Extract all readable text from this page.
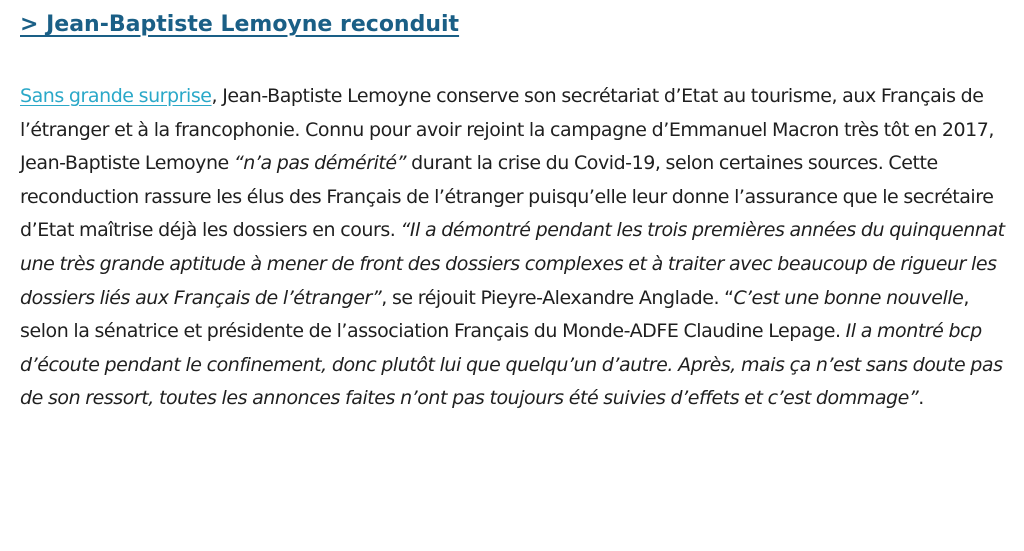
> Jean-Baptiste Lemoyne reconduit

Sans grande surprise, Jean-Baptiste Lemoyne conserve son secrétariat d’Etat au tourisme, aux Français de l’étranger et à la francophonie. Connu pour avoir rejoint la campagne d’Emmanuel Macron très tôt en 2017, Jean-Baptiste Lemoyne “n’a pas démérité” durant la crise du Covid-19, selon certaines sources. Cette reconduction rassure les élus des Français de l’étranger puisqu’elle leur donne l’assurance que le secrétaire d’Etat maîtrise déjà les dossiers en cours. “Il a démontré pendant les trois premières années du quinquennat une très grande aptitude à mener de front des dossiers complexes et à traiter avec beaucoup de rigueur les dossiers liés aux Français de l’étranger”, se réjouit Pieyre-Alexandre Anglade. “C’est une bonne nouvelle, selon la sénatrice et présidente de l’association Français du Monde-ADFE Claudine Lepage. Il a montré bcp d’écoute pendant le confinement, donc plutôt lui que quelqu’un d’autre. Après, mais ça n’est sans doute pas de son ressort, toutes les annonces faites n’ont pas toujours été suivies d’effets et c’est dommage”.
